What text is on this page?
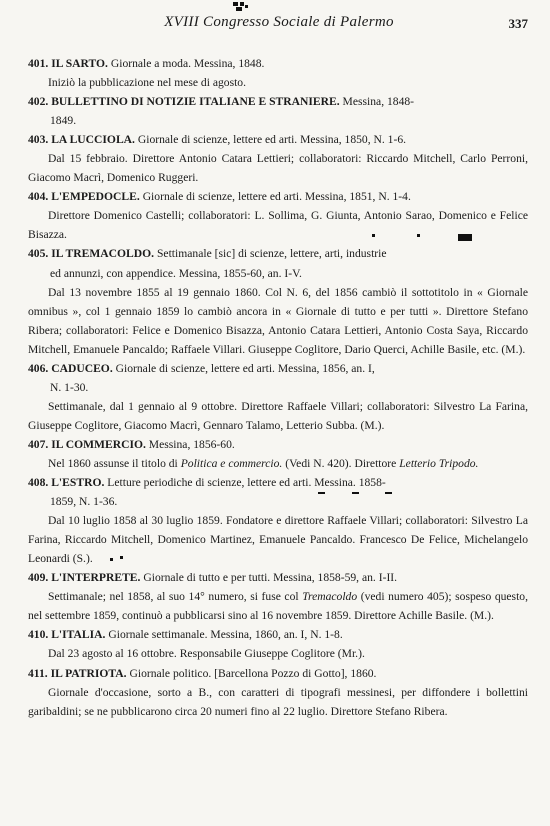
XVIII Congresso Sociale di Palermo	337

401. IL SARTO. Giornale a moda. Messina, 1848.

Iniziò la pubblicazione nel mese di agosto.

402. BULLETTINO DI NOTIZIE ITALIANE E STRANIERE. Messina, 1848-

1849.

403. LA LUCCIOLA. Giornale di scienze, lettere ed arti. Messina, 1850, N. 1-6.

Dal 15 febbraio. Direttore Antonio Catara Lettieri; collaboratori: Riccardo Mitchell, Carlo Perroni, Giacomo Macrì, Domenico Ruggeri.

404. L'EMPEDOCLE. Giornale di scienze, lettere ed arti. Messina, 1851, N. 1-4.

Direttore Domenico Castelli; collaboratori: L. Sollima, G. Giunta, Antonio Sarao, Domenico e Felice Bisazza.

405. IL TREMACOLDO. Settimanale [sic] di scienze, lettere, arti, industrie

ed annunzi, con appendice. Messina, 1855-60, an. I-V.

Dal 13 novembre 1855 al 19 gennaio 1860. Col N. 6, del 1856 cambiò il sottotitolo in « Giornale omnibus », col 1 gennaio 1859 lo cambiò ancora in « Giornale di tutto e per tutti ». Direttore Stefano Ribera; collaboratori: Felice e Domenico Bisazza, Antonio Catara Lettieri, Antonio Costa Saya, Riccardo Mitchell, Emanuele Pancaldo; Raffaele Villari. Giuseppe Coglitore, Dario Querci, Achille Basile, etc. (M.).

406. CADUCEO. Giornale di scienze, lettere ed arti. Messina, 1856, an. I,

N. 1-30.

Settimanale, dal 1 gennaio al 9 ottobre. Direttore Raffaele Villari; collaboratori: Silvestro La Farina, Giuseppe Coglitore, Giacomo Macrì, Gennaro Talamo, Letterio Subba. (M.).

407. IL COMMERCIO. Messina, 1856-60.

Nel 1860 assunse il titolo di Politica e commercio. (Vedi N. 420). Direttore Letterio Tripodo.

408. L'ESTRO. Letture periodiche di scienze, lettere ed arti. Messina. 1858-

1859, N. 1-36.

Dal 10 luglio 1858 al 30 luglio 1859. Fondatore e direttore Raffaele Villari; collaboratori: Silvestro La Farina, Riccardo Mitchell, Domenico Martinez, Emanuele Pancaldo. Francesco De Felice, Michelangelo Leonardi (S.).

409. L'INTERPRETE. Giornale di tutto e per tutti. Messina, 1858-59, an. I-II.

Settimanale; nel 1858, al suo 14° numero, si fuse col Tremacoldo (vedi numero 405); sospeso questo, nel settembre 1859, continuò a pubblicarsi sino al 16 novembre 1859. Direttore Achille Basile. (M.).

410. L'ITALIA. Giornale settimanale. Messina, 1860, an. I, N. 1-8.

Dal 23 agosto al 16 ottobre. Responsabile Giuseppe Coglitore (Mr.).

411. IL PATRIOTA. Giornale politico. [Barcellona Pozzo di Gotto], 1860.

Giornale d'occasione, sorto a B., con caratteri di tipografi messinesi, per diffondere i bollettini garibaldini; se ne pubblicarono circa 20 numeri fino al 22 luglio. Direttore Stefano Ribera.
